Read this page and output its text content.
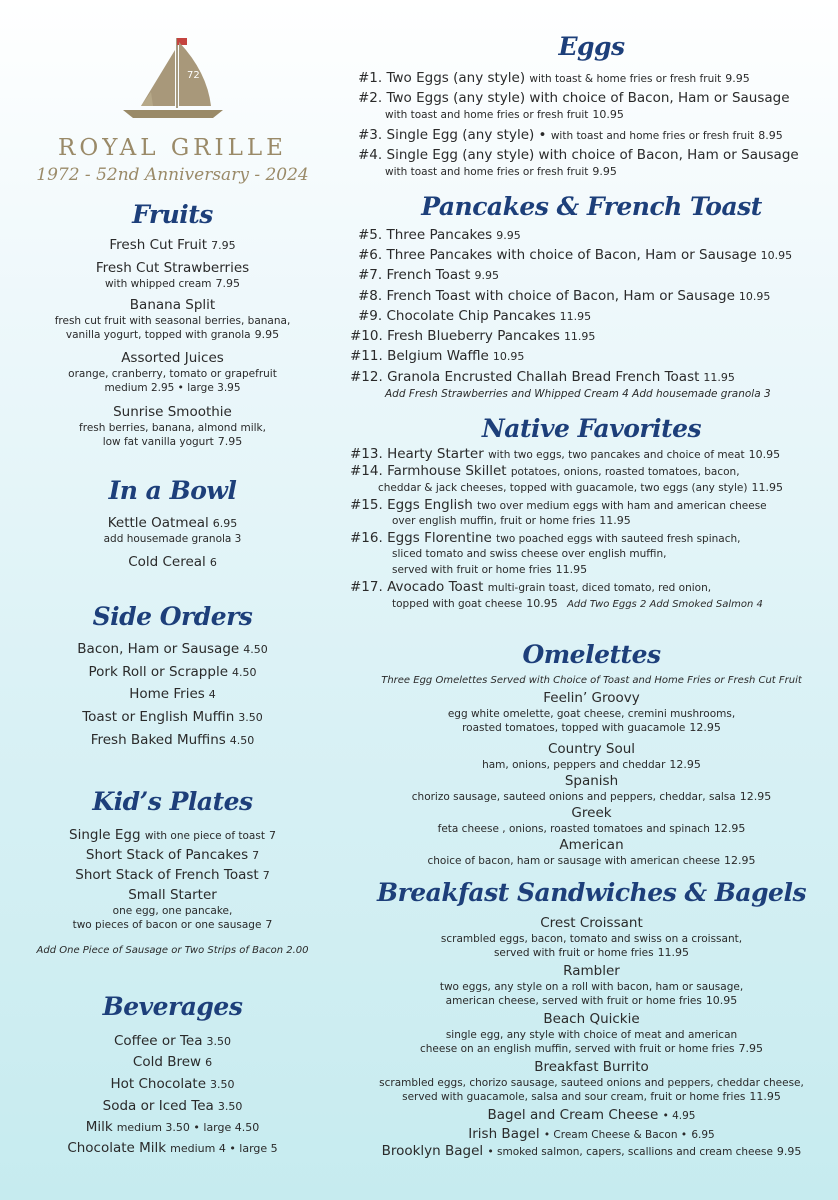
72
ROYAL GRILLE
1972 - 52nd Anniversary - 2024
Fruits
Fresh Cut Fruit 7.95
Fresh Cut Strawberries
with whipped cream 7.95
Banana Split
fresh cut fruit with seasonal berries, banana,
vanilla yogurt, topped with granola 9.95
Assorted Juices
orange, cranberry, tomato or grapefruit
medium 2.95 • large 3.95
Sunrise Smoothie
fresh berries, banana, almond milk,
low fat vanilla yogurt 7.95
In a Bowl
Kettle Oatmeal 6.95
add housemade granola 3
Cold Cereal 6
Side Orders
Bacon, Ham or Sausage 4.50
Pork Roll or Scrapple 4.50
Home Fries 4
Toast or English Muffin 3.50
Fresh Baked Muffins 4.50
Kid’s Plates
Single Egg with one piece of toast 7
Short Stack of Pancakes 7
Short Stack of French Toast 7
Small Starter
one egg, one pancake,
two pieces of bacon or one sausage 7
Add One Piece of Sausage or Two Strips of Bacon 2.00
Beverages
Coffee or Tea 3.50
Cold Brew 6
Hot Chocolate 3.50
Soda or Iced Tea 3.50
Milk medium 3.50 • large 4.50
Chocolate Milk medium 4 • large 5
Eggs
#1. Two Eggs (any style) with toast & home fries or fresh fruit 9.95
#2. Two Eggs (any style) with choice of Bacon, Ham or Sausage
with toast and home fries or fresh fruit 10.95
#3. Single Egg (any style) • with toast and home fries or fresh fruit 8.95
#4. Single Egg (any style) with choice of Bacon, Ham or Sausage
with toast and home fries or fresh fruit 9.95
Pancakes & French Toast
#5. Three Pancakes 9.95
#6. Three Pancakes with choice of Bacon, Ham or Sausage 10.95
#7. French Toast 9.95
#8. French Toast with choice of Bacon, Ham or Sausage 10.95
#9. Chocolate Chip Pancakes 11.95
#10. Fresh Blueberry Pancakes 11.95
#11. Belgium Waffle 10.95
#12. Granola Encrusted Challah Bread French Toast 11.95
Add Fresh Strawberries and Whipped Cream 4 Add housemade granola 3
Native Favorites
#13. Hearty Starter with two eggs, two pancakes and choice of meat 10.95
#14. Farmhouse Skillet potatoes, onions, roasted tomatoes, bacon,
cheddar & jack cheeses, topped with guacamole, two eggs (any style) 11.95
#15. Eggs English two over medium eggs with ham and american cheese
over english muffin, fruit or home fries 11.95
#16. Eggs Florentine two poached eggs with sauteed fresh spinach,
sliced tomato and swiss cheese over english muffin,
served with fruit or home fries 11.95
#17. Avocado Toast multi-grain toast, diced tomato, red onion,
topped with goat cheese 10.95 Add Two Eggs 2 Add Smoked Salmon 4
Omelettes
Three Egg Omelettes Served with Choice of Toast and Home Fries or Fresh Cut Fruit
Feelin’ Groovy
egg white omelette, goat cheese, cremini mushrooms,
roasted tomatoes, topped with guacamole 12.95
Country Soul
ham, onions, peppers and cheddar 12.95
Spanish
chorizo sausage, sauteed onions and peppers, cheddar, salsa 12.95
Greek
feta cheese , onions, roasted tomatoes and spinach 12.95
American
choice of bacon, ham or sausage with american cheese 12.95
Breakfast Sandwiches & Bagels
Crest Croissant
scrambled eggs, bacon, tomato and swiss on a croissant,
served with fruit or home fries 11.95
Rambler
two eggs, any style on a roll with bacon, ham or sausage,
american cheese, served with fruit or home fries 10.95
Beach Quickie
single egg, any style with choice of meat and american
cheese on an english muffin, served with fruit or home fries 7.95
Breakfast Burrito
scrambled eggs, chorizo sausage, sauteed onions and peppers, cheddar cheese,
served with guacamole, salsa and sour cream, fruit or home fries 11.95
Bagel and Cream Cheese • 4.95
Irish Bagel • Cream Cheese & Bacon • 6.95
Brooklyn Bagel • smoked salmon, capers, scallions and cream cheese 9.95
